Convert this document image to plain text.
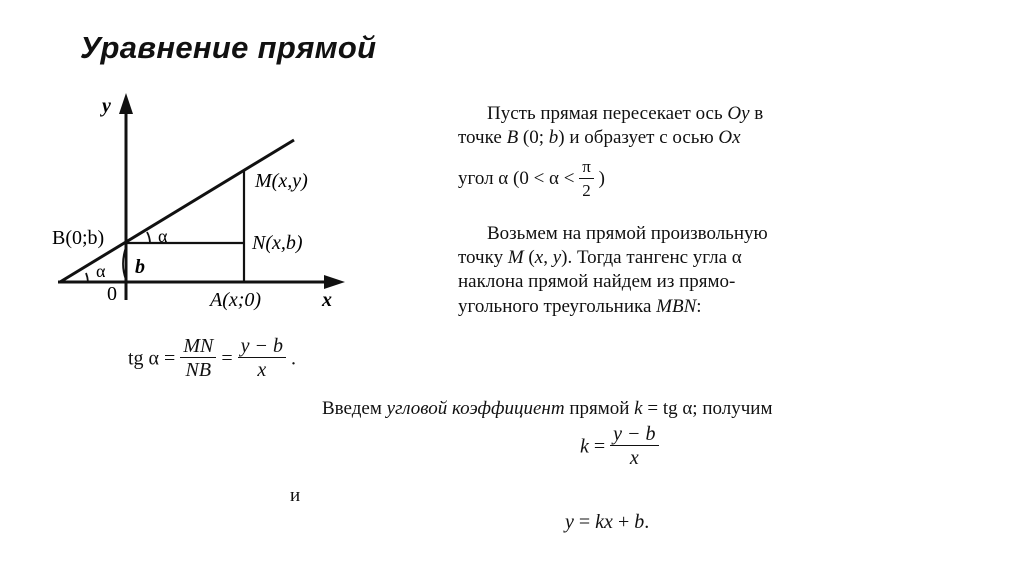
Уравнение прямой
y
x
0
B(0;b)
M(x,y)
N(x,b)
A(x;0)
α
α b
Пусть прямая пересекает ось Oy в
точке B (0; b) и образует с осью Ox
угол α ($0 < \alpha < \frac{\pi}{2}$ )
Возьмем на прямой произвольную
точку M (x, y). Тогда тангенс угла α
наклона прямой найдем из прямо-
угольного треугольника MBN:
tg $\alpha = \frac{MN}{NB} = \frac{y - b}{x}$ .
Введем угловой коэффициент прямой k = tg α; получим
$k = \frac{y - b}{x}$
и
y = kx + b.
